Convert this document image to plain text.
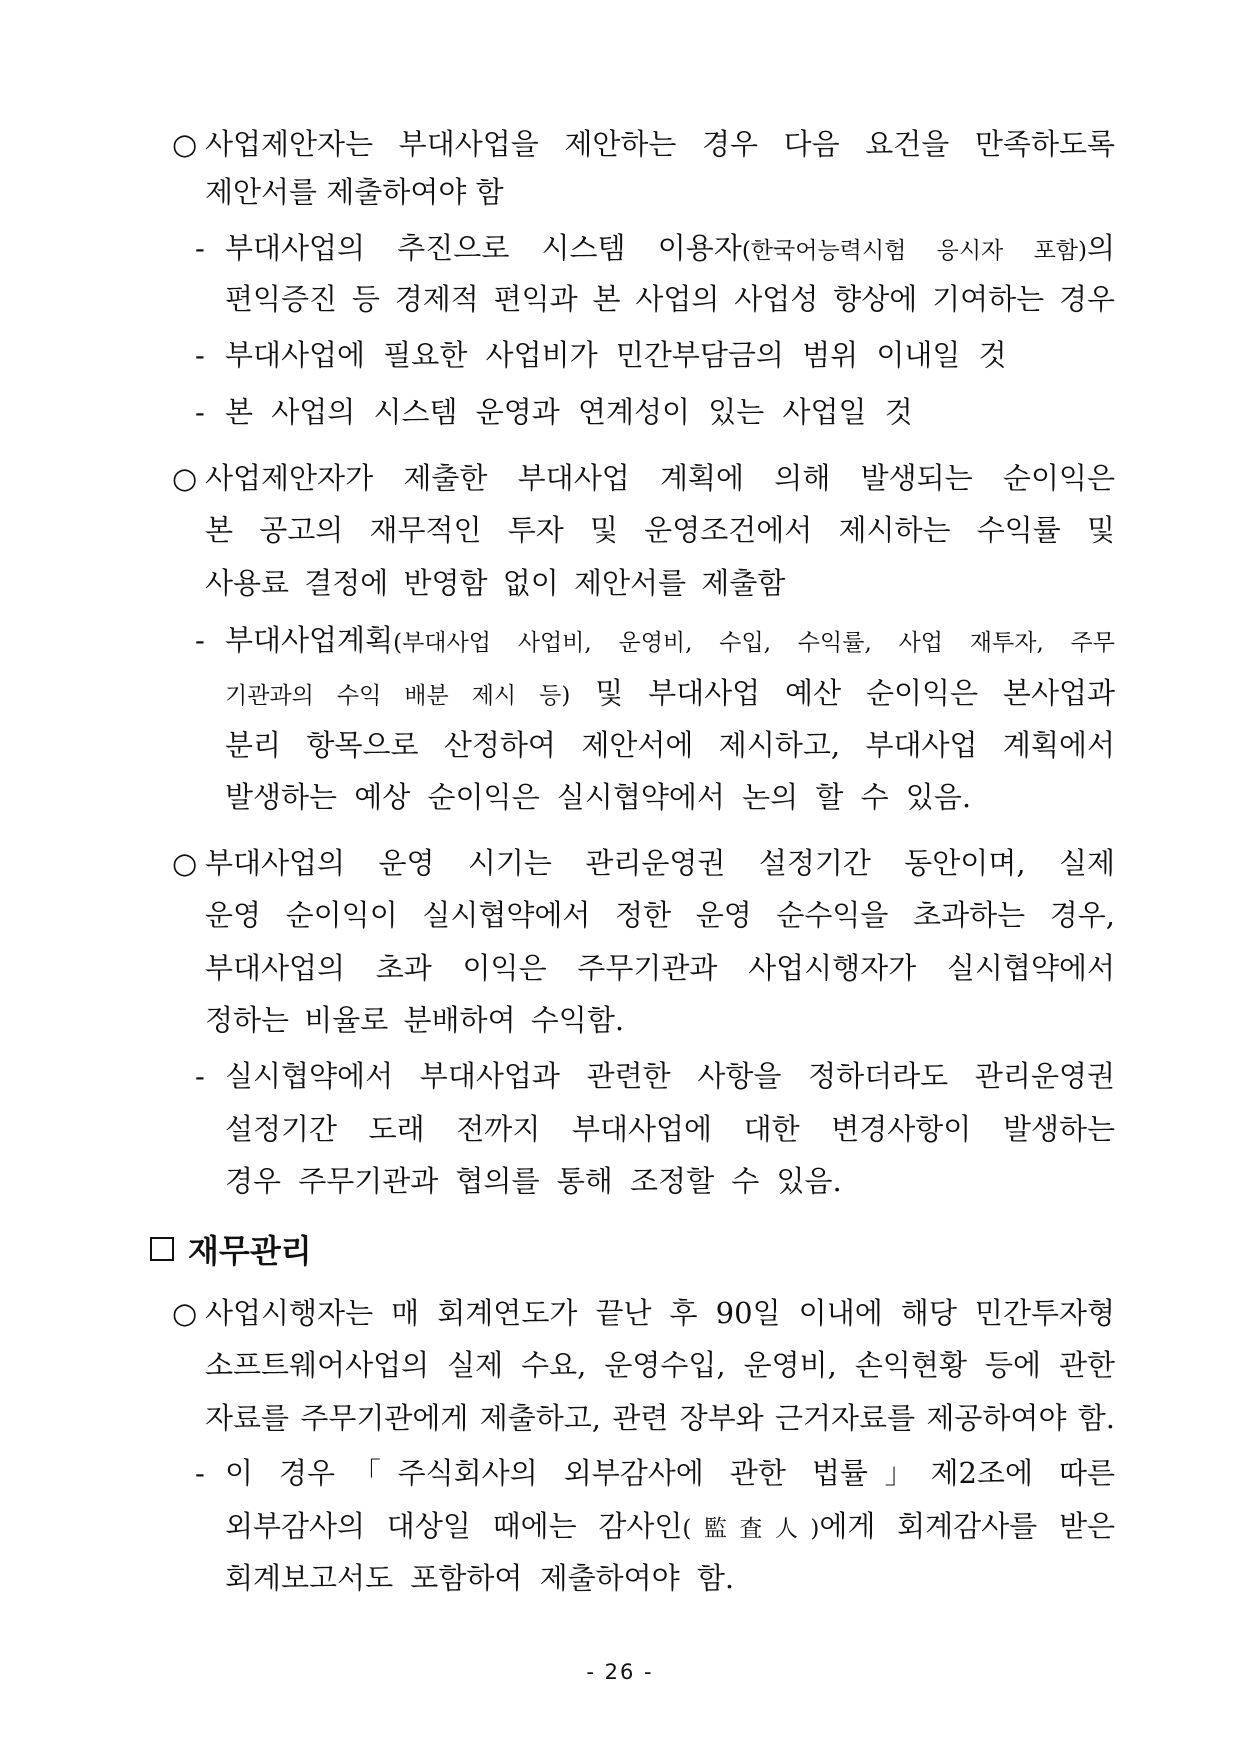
○ 사업제안자는 부대사업을 제안하는 경우 다음 요건을 만족하도록
제안서를 제출하여야 함
- 부대사업의 추진으로 시스템 이용자(한국어능력시험 응시자 포함)의
편익증진 등 경제적 편익과 본 사업의 사업성 향상에 기여하는 경우
- 부대사업에 필요한 사업비가 민간부담금의 범위 이내일 것
- 본 사업의 시스템 운영과 연계성이 있는 사업일 것
○ 사업제안자가 제출한 부대사업 계획에 의해 발생되는 순이익은
본 공고의 재무적인 투자 및 운영조건에서 제시하는 수익률 및
사용료 결정에 반영함 없이 제안서를 제출함
- 부대사업계획(부대사업 사업비, 운영비, 수입, 수익률, 사업 재투자, 주무
기관과의 수익 배분 제시 등) 및 부대사업 예산 순이익은 본사업과
분리 항목으로 산정하여 제안서에 제시하고, 부대사업 계획에서
발생하는 예상 순이익은 실시협약에서 논의 할 수 있음.
○ 부대사업의 운영 시기는 관리운영권 설정기간 동안이며, 실제
운영 순이익이 실시협약에서 정한 운영 순수익을 초과하는 경우,
부대사업의 초과 이익은 주무기관과 사업시행자가 실시협약에서
정하는 비율로 분배하여 수익함.
- 실시협약에서 부대사업과 관련한 사항을 정하더라도 관리운영권
설정기간 도래 전까지 부대사업에 대한 변경사항이 발생하는
경우 주무기관과 협의를 통해 조정할 수 있음.
재무관리
○ 사업시행자는 매 회계연도가 끝난 후 90일 이내에 해당 민간투자형
소프트웨어사업의 실제 수요, 운영수입, 운영비, 손익현황 등에 관한
자료를 주무기관에게 제출하고, 관련 장부와 근거자료를 제공하여야 함.
- 이 경우「주식회사의 외부감사에 관한 법률」제2조에 따른
외부감사의 대상일 때에는 감사인(監査人)에게 회계감사를 받은
회계보고서도 포함하여 제출하여야 함.
- 26 -
